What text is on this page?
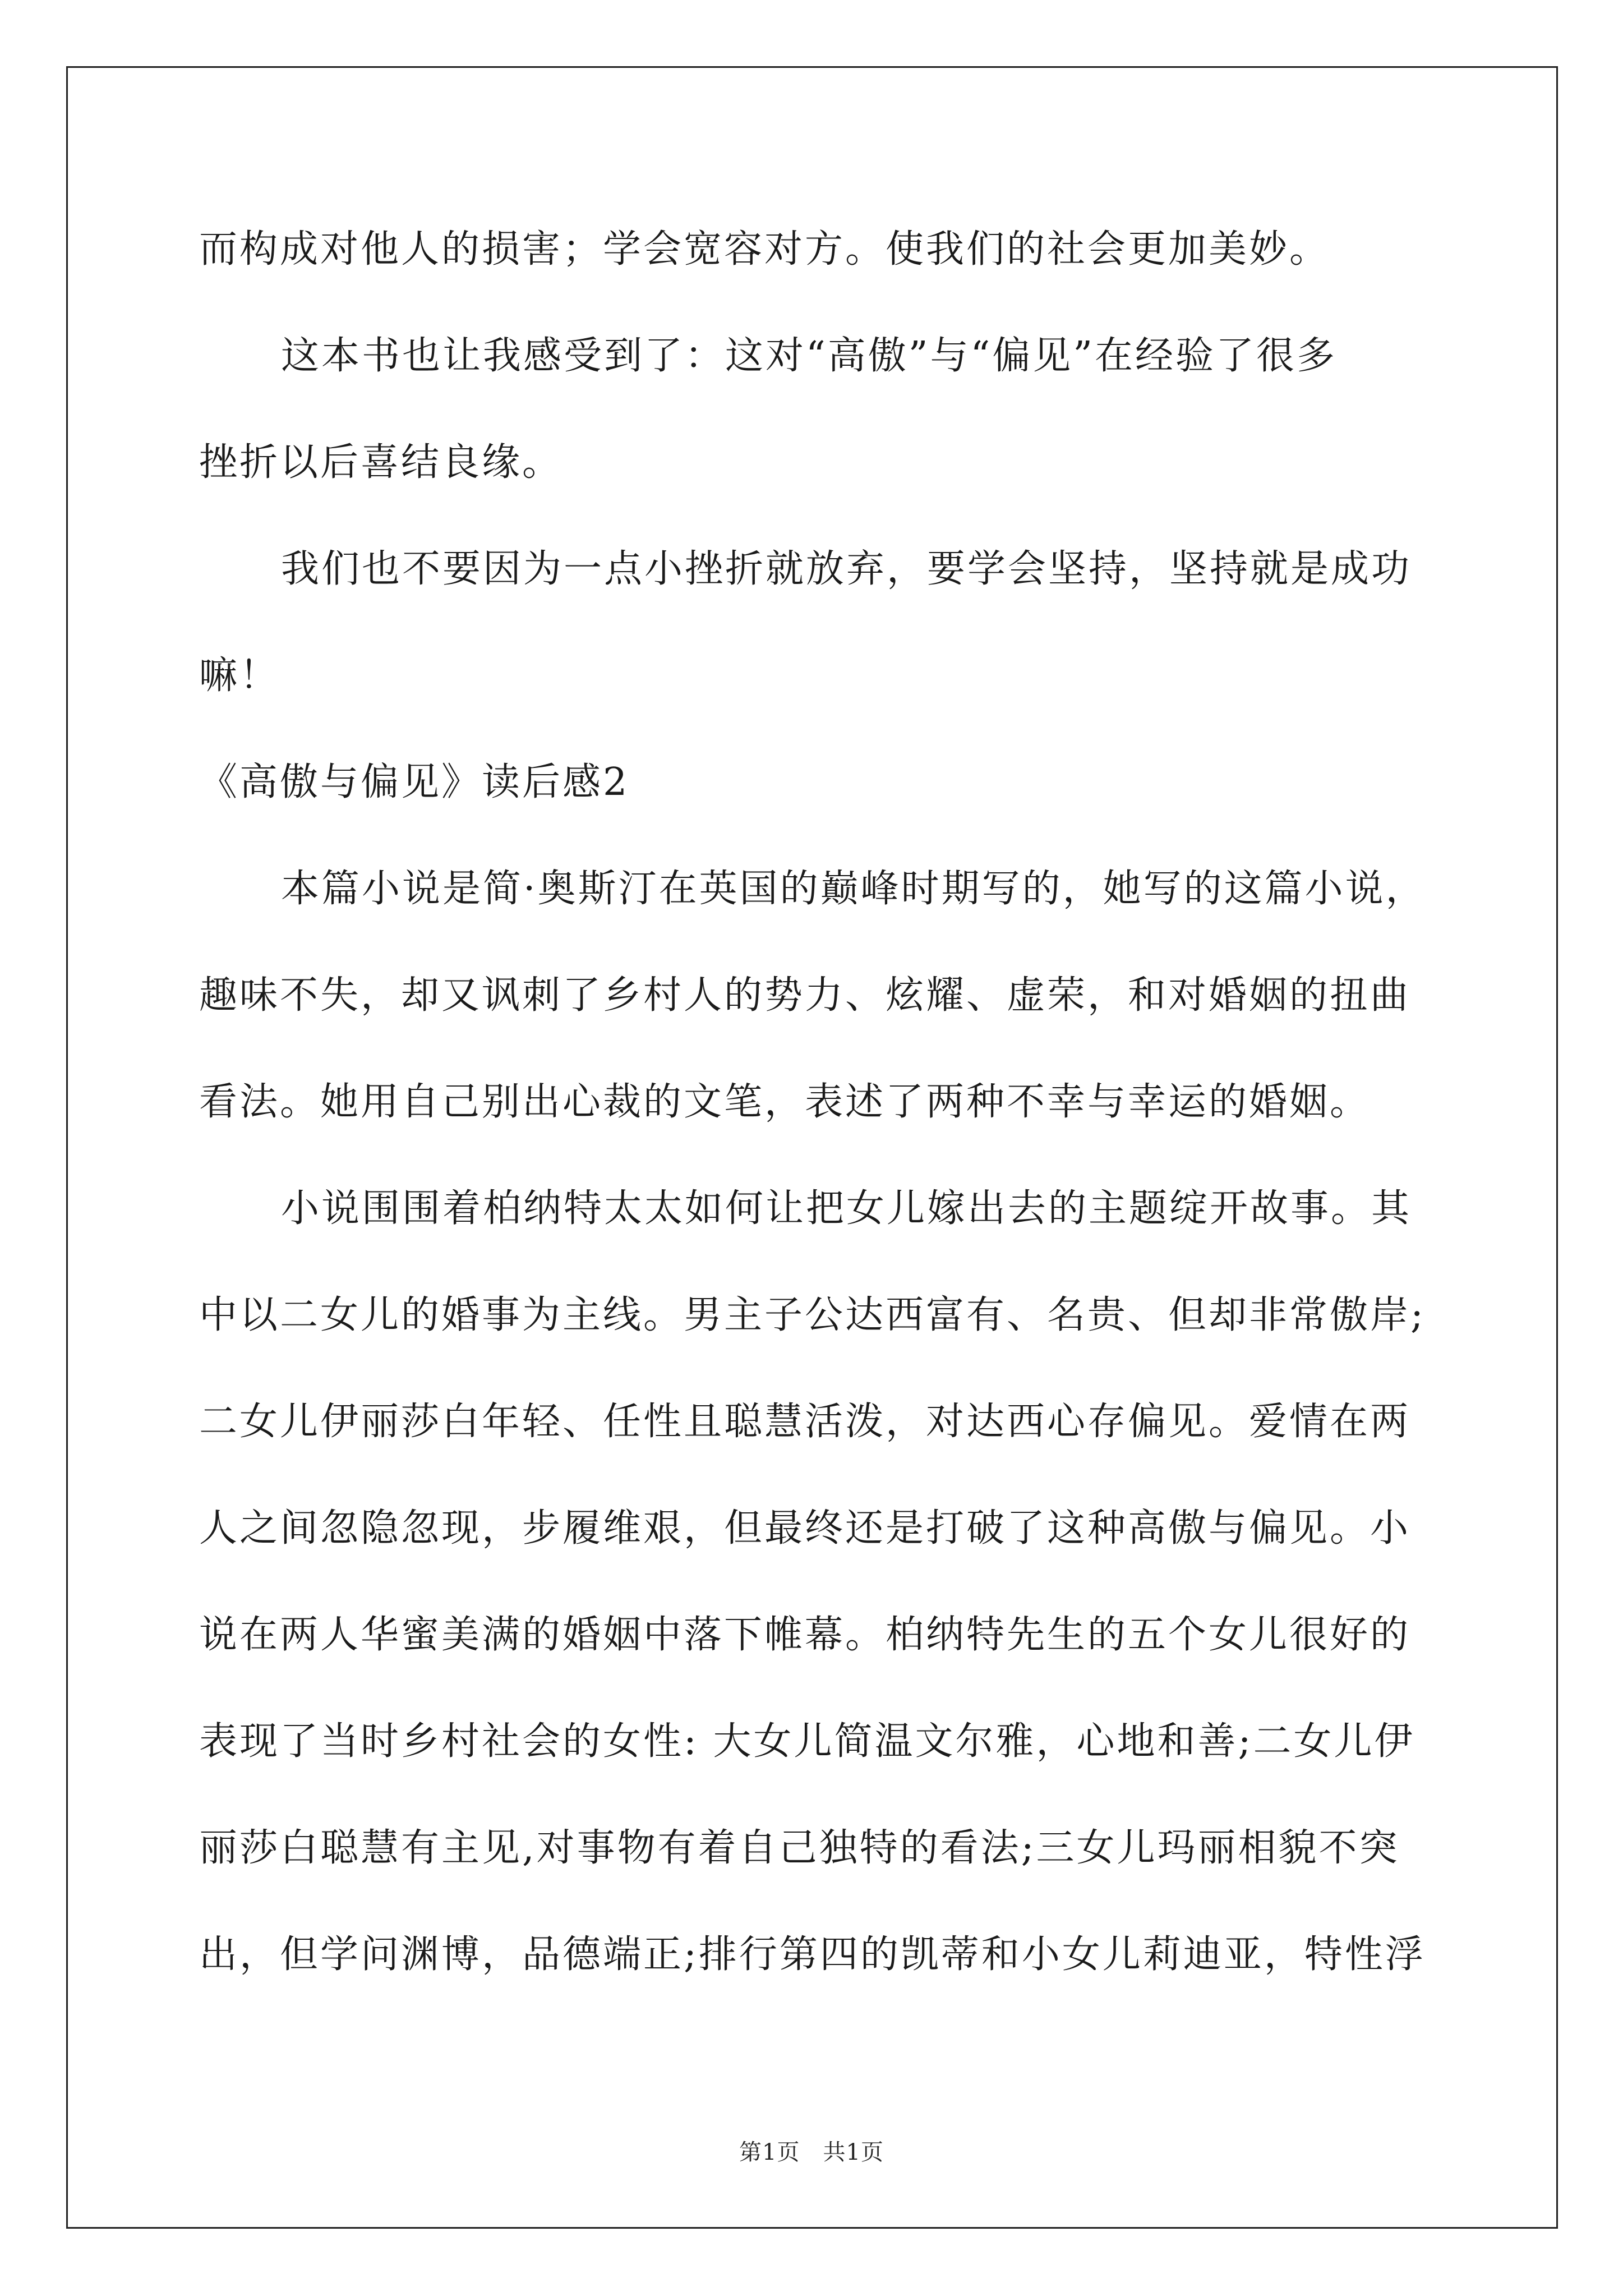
而构成对他人的损害；学会宽容对方。使我们的社会更加美妙。
这本书也让我感受到了：这对“高傲”与“偏见”在经验了很多
挫折以后喜结良缘。
我们也不要因为一点小挫折就放弃，要学会坚持，坚持就是成功
嘛！
《高傲与偏见》读后感2
本篇小说是简·奥斯汀在英国的巅峰时期写的，她写的这篇小说，
趣味不失，却又讽刺了乡村人的势力、炫耀、虚荣，和对婚姻的扭曲
看法。她用自己别出心裁的文笔，表述了两种不幸与幸运的婚姻。
小说围围着柏纳特太太如何让把女儿嫁出去的主题绽开故事。其
中以二女儿的婚事为主线。男主子公达西富有、名贵、但却非常傲岸;
二女儿伊丽莎白年轻、任性且聪慧活泼，对达西心存偏见。爱情在两
人之间忽隐忽现，步履维艰，但最终还是打破了这种高傲与偏见。小
说在两人华蜜美满的婚姻中落下帷幕。柏纳特先生的五个女儿很好的
表现了当时乡村社会的女性: 大女儿简温文尔雅，心地和善;二女儿伊
丽莎白聪慧有主见,对事物有着自己独特的看法;三女儿玛丽相貌不突
出，但学问渊博，品德端正;排行第四的凯蒂和小女儿莉迪亚，特性浮
第1页　共1页
